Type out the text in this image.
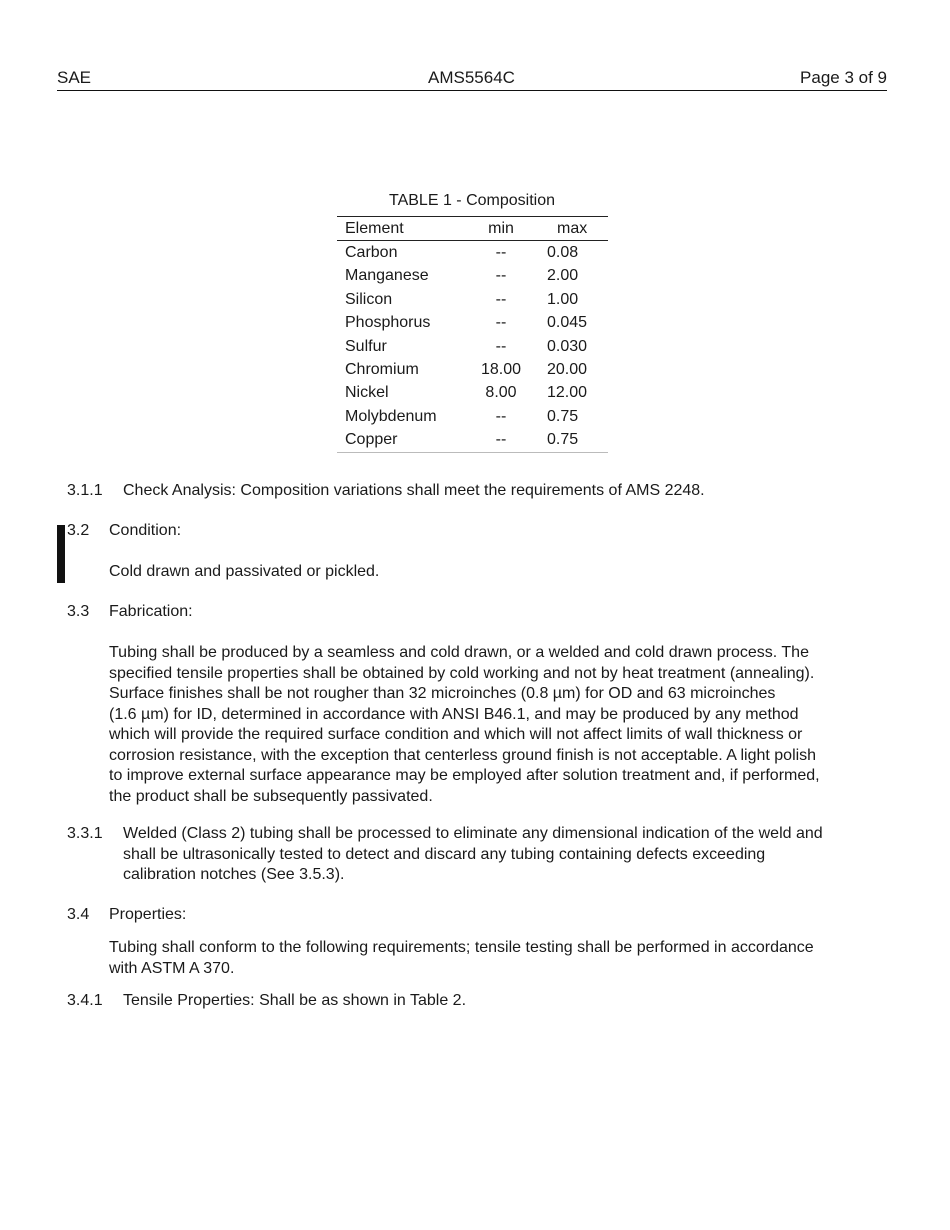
SAE	AMS5564C	Page 3 of 9
TABLE 1 - Composition
Element	min	max
Carbon	--	0.08
Manganese	--	2.00
Silicon	--	1.00
Phosphorus	--	0.045
Sulfur	--	0.030
Chromium	18.00	20.00
Nickel	8.00	12.00
Molybdenum	--	0.75
Copper	--	0.75
3.1.1 Check Analysis: Composition variations shall meet the requirements of AMS 2248.
3.2 Condition:
Cold drawn and passivated or pickled.
3.3 Fabrication:
Tubing shall be produced by a seamless and cold drawn, or a welded and cold drawn process. The
specified tensile properties shall be obtained by cold working and not by heat treatment (annealing).
Surface finishes shall be not rougher than 32 microinches (0.8 µm) for OD and 63 microinches
(1.6 µm) for ID, determined in accordance with ANSI B46.1, and may be produced by any method
which will provide the required surface condition and which will not affect limits of wall thickness or
corrosion resistance, with the exception that centerless ground finish is not acceptable. A light polish
to improve external surface appearance may be employed after solution treatment and, if performed,
the product shall be subsequently passivated.
3.3.1 Welded (Class 2) tubing shall be processed to eliminate any dimensional indication of the weld and
shall be ultrasonically tested to detect and discard any tubing containing defects exceeding
calibration notches (See 3.5.3).
3.4 Properties:
Tubing shall conform to the following requirements; tensile testing shall be performed in accordance
with ASTM A 370.
3.4.1 Tensile Properties: Shall be as shown in Table 2.
